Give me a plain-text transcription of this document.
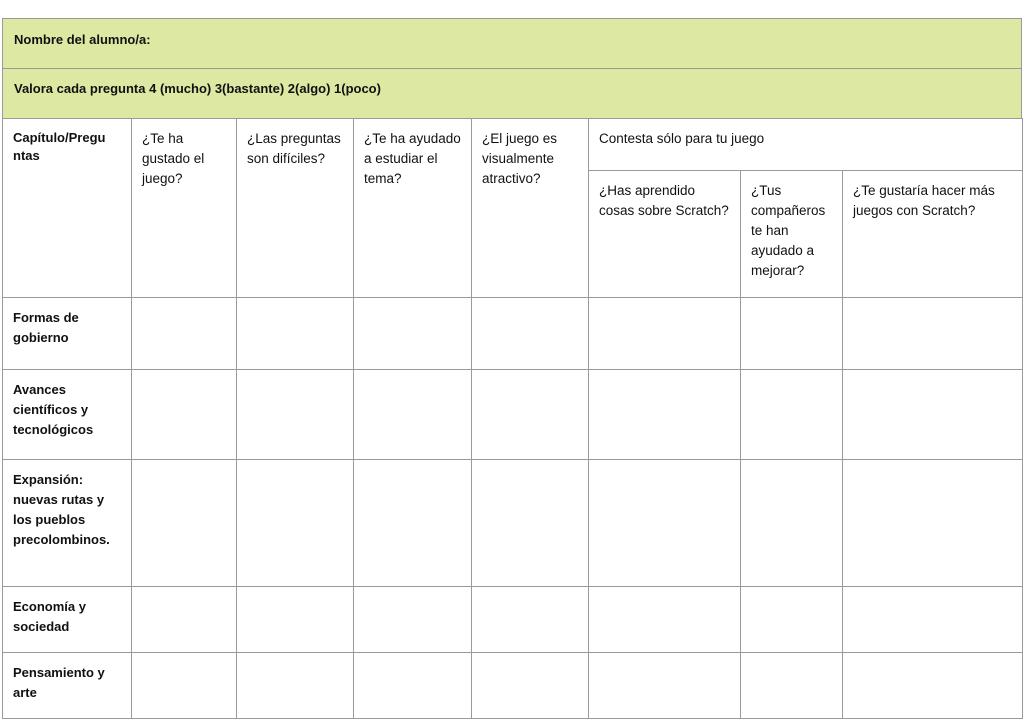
Nombre del alumno/a:
Valora cada pregunta 4 (mucho) 3(bastante) 2(algo) 1(poco)
Capítulo/Pregu ntas	¿Te ha gustado el juego?	¿Las preguntas son difíciles?	¿Te ha ayudado a estudiar el tema?	¿El juego es visualmente atractivo?	Contesta sólo para tu juego		
					¿Has aprendido cosas sobre Scratch?	¿Tus compañeros te han ayudado a mejorar?	¿Te gustaría hacer más juegos con Scratch?
Formas de gobierno							
Avances científicos y tecnológicos							
Expansión: nuevas rutas y los pueblos precolombinos.							
Economía y sociedad							
Pensamiento y arte							
